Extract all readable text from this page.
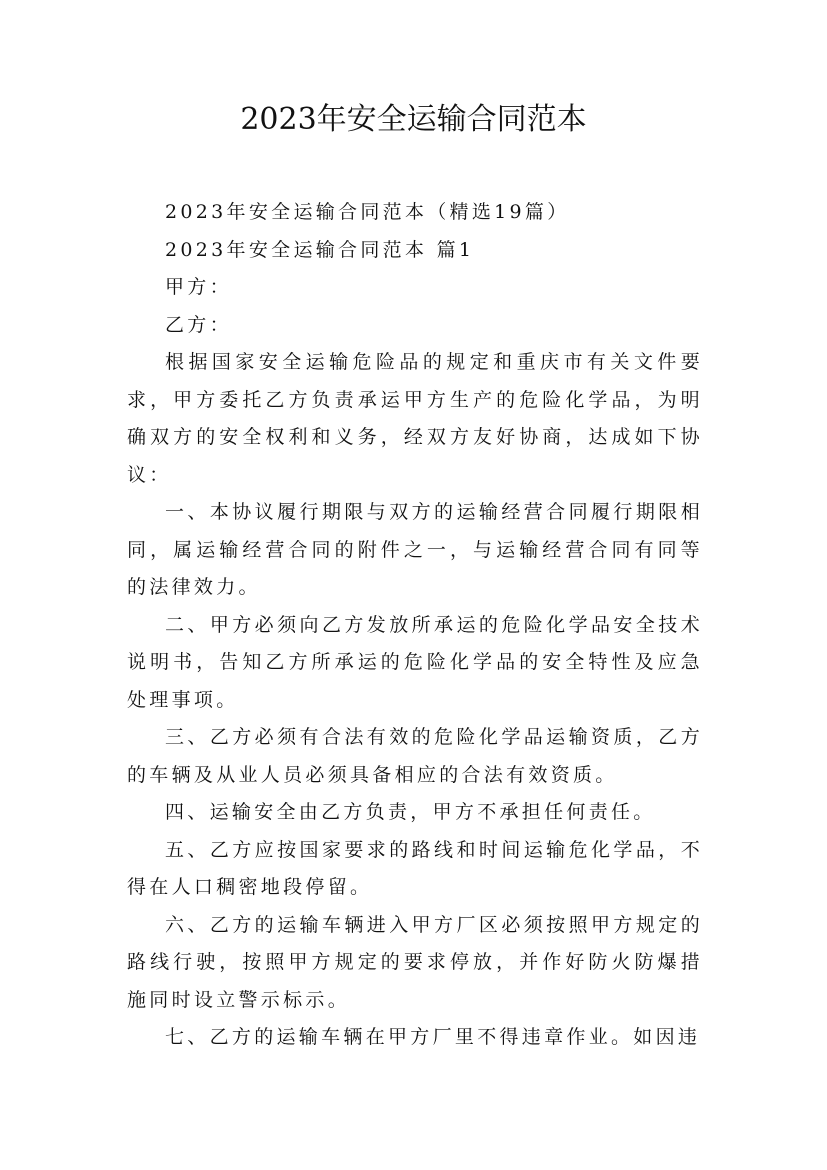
2023年安全运输合同范本

2023年安全运输合同范本（精选19篇）

2023年安全运输合同范本 篇1

甲方：

乙方：

根据国家安全运输危险品的规定和重庆市有关文件要求，甲方委托乙方负责承运甲方生产的危险化学品，为明确双方的安全权利和义务，经双方友好协商，达成如下协议：

一、本协议履行期限与双方的运输经营合同履行期限相同，属运输经营合同的附件之一，与运输经营合同有同等的法律效力。

二、甲方必须向乙方发放所承运的危险化学品安全技术说明书，告知乙方所承运的危险化学品的安全特性及应急处理事项。

三、乙方必须有合法有效的危险化学品运输资质，乙方的车辆及从业人员必须具备相应的合法有效资质。

四、运输安全由乙方负责，甲方不承担任何责任。

五、乙方应按国家要求的路线和时间运输危化学品，不得在人口稠密地段停留。

六、乙方的运输车辆进入甲方厂区必须按照甲方规定的路线行驶，按照甲方规定的要求停放，并作好防火防爆措施同时设立警示标示。

七、乙方的运输车辆在甲方厂里不得违章作业。如因违
